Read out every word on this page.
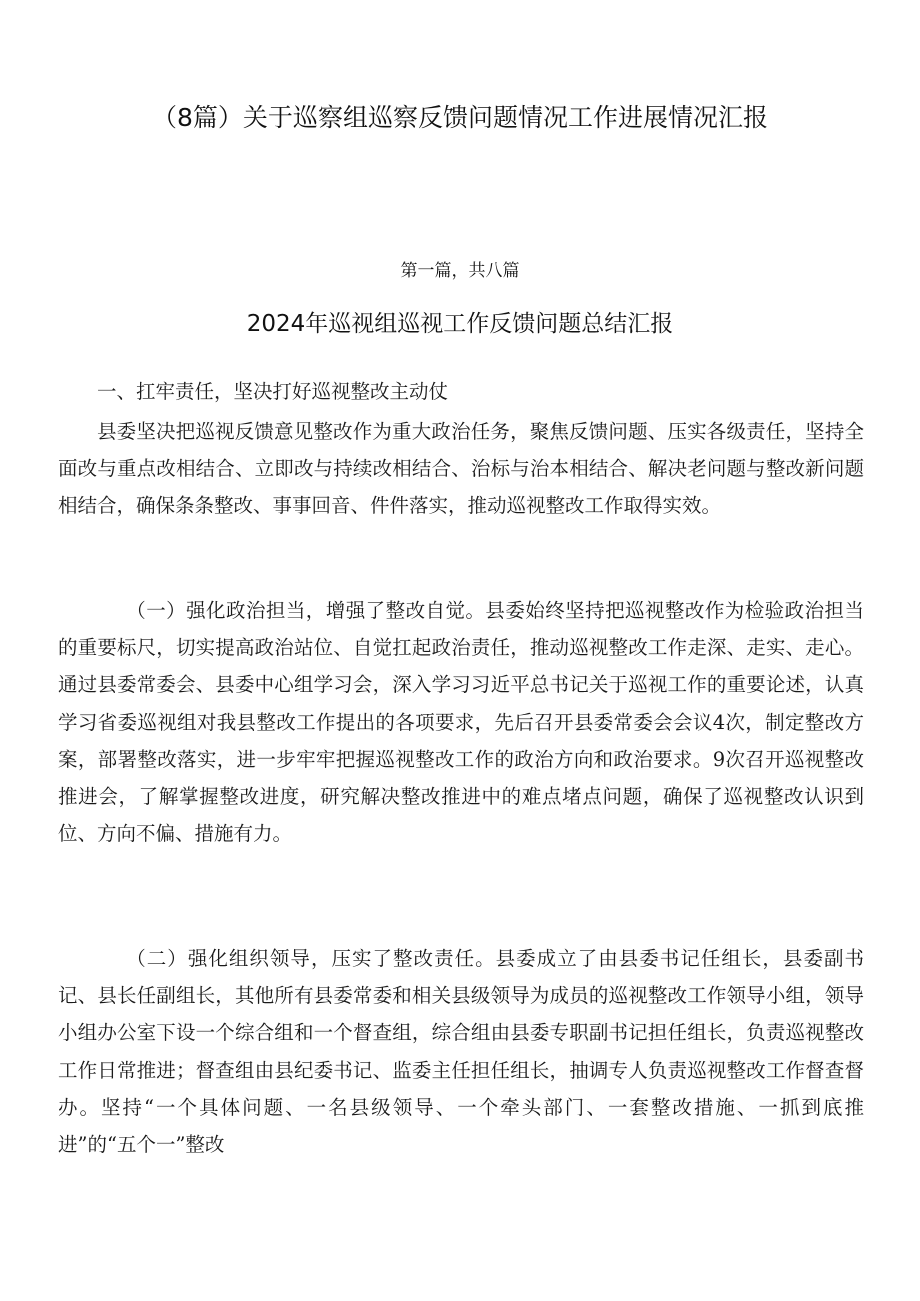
（8篇）关于巡察组巡察反馈问题情况工作进展情况汇报
第一篇，共八篇
2024年巡视组巡视工作反馈问题总结汇报

一、扛牢责任，坚决打好巡视整改主动仗

县委坚决把巡视反馈意见整改作为重大政治任务，聚焦反馈问题、压实各级责任，坚持全面改与重点改相结合、立即改与持续改相结合、治标与治本相结合、解决老问题与整改新问题相结合，确保条条整改、事事回音、件件落实，推动巡视整改工作取得实效。

（一）强化政治担当，增强了整改自觉。县委始终坚持把巡视整改作为检验政治担当的重要标尺，切实提高政治站位、自觉扛起政治责任，推动巡视整改工作走深、走实、走心。通过县委常委会、县委中心组学习会，深入学习习近平总书记关于巡视工作的重要论述，认真学习省委巡视组对我县整改工作提出的各项要求，先后召开县委常委会会议4次，制定整改方案，部署整改落实，进一步牢牢把握巡视整改工作的政治方向和政治要求。9次召开巡视整改推进会，了解掌握整改进度，研究解决整改推进中的难点堵点问题，确保了巡视整改认识到位、方向不偏、措施有力。

（二）强化组织领导，压实了整改责任。县委成立了由县委书记任组长，县委副书记、县长任副组长，其他所有县委常委和相关县级领导为成员的巡视整改工作领导小组，领导小组办公室下设一个综合组和一个督查组，综合组由县委专职副书记担任组长，负责巡视整改工作日常推进；督查组由县纪委书记、监委主任担任组长，抽调专人负责巡视整改工作督查督办。坚持“一个具体问题、一名县级领导、一个牵头部门、一套整改措施、一抓到底推进”的“五个一”整改
